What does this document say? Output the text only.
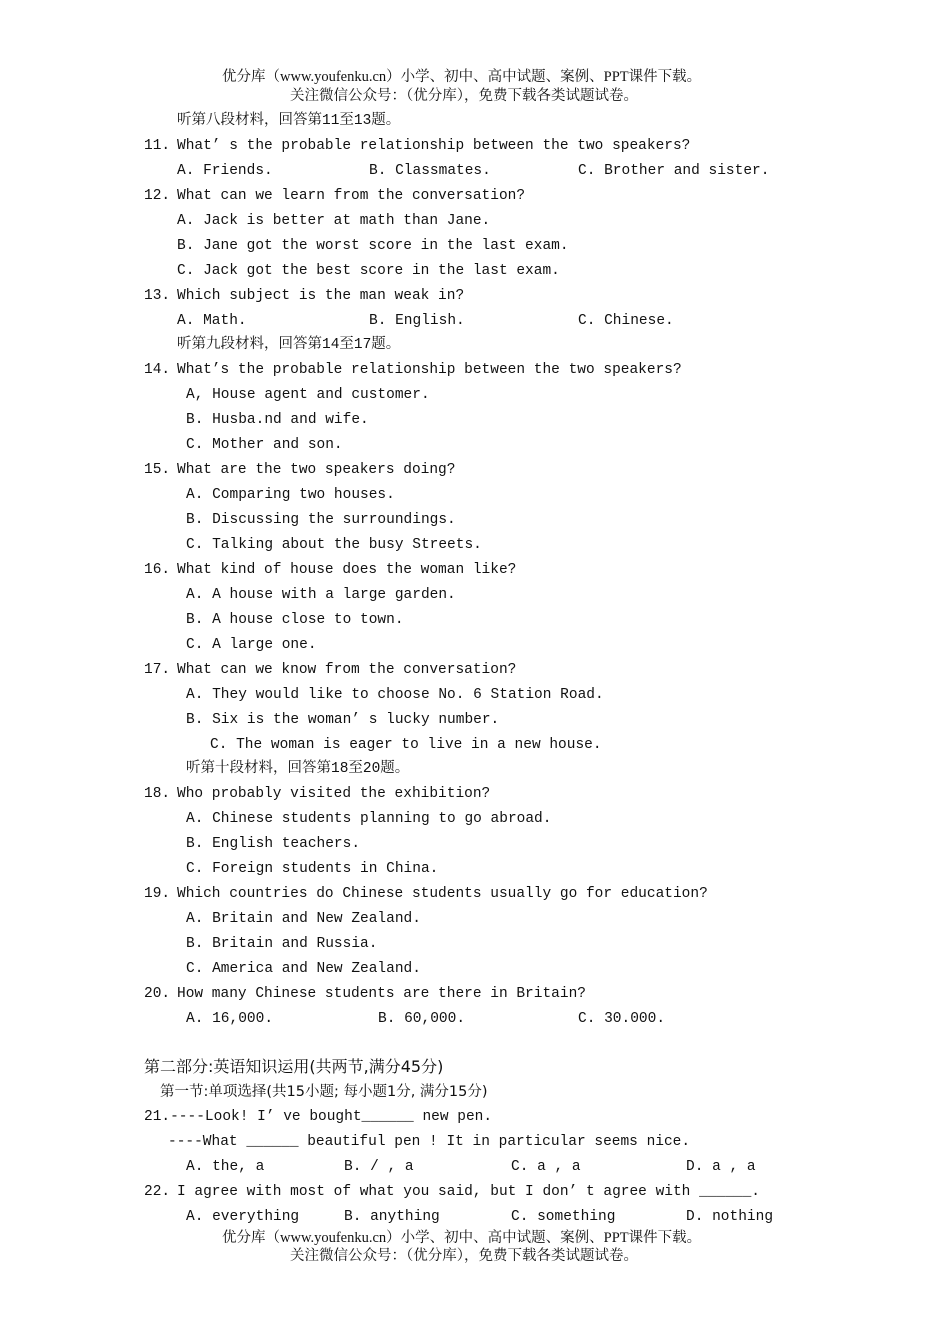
优分库（www.youfenku.cn）小学、初中、高中试题、案例、PPT课件下载。
关注微信公众号：（优分库），免费下载各类试题试卷。
听第八段材料，回答第11至13题。
11. What’ s the probable relationship between the two speakers?
A. Friends.	B. Classmates.	C. Brother and sister.
12. What can we learn from the conversation?
A. Jack is better at math than Jane.
B. Jane got the worst score in the last exam.
C. Jack got the best score in the last exam.
13. Which subject is the man weak in?
A. Math.	B. English.	C. Chinese.
听第九段材料，回答第14至17题。
14. What’s the probable relationship between the two speakers?
A, House agent and customer.
B. Husba.nd and wife.
C. Mother and son.
15. What are the two speakers doing?
A. Comparing two houses.
B. Discussing the surroundings.
C. Talking about the busy Streets.
16. What kind of house does the woman like?
A. A house with a large garden.
B. A house close to town.
C. A large one.
17. What can we know from the conversation?
A. They would like to choose No. 6 Station Road.
B. Six is the woman’ s lucky number.
C. The woman is eager to live in a new house.
听第十段材料，回答第18至20题。
18. Who probably visited the exhibition?
A. Chinese students planning to go abroad.
B. English teachers.
C. Foreign students in China.
19. Which countries do Chinese students usually go for education?
A. Britain and New Zealand.
B. Britain and Russia.
C. America and New Zealand.
20. How many Chinese students are there in Britain?
A. 16,000.	B. 60,000.	C. 30.000.
第二部分:英语知识运用(共两节,满分45分)
第一节:单项选择(共15小题; 每小题1分, 满分15分)
21.----Look! I’ ve bought______ new pen.
----What ______ beautiful pen ! It in particular seems nice.
A. the, a	B. / , a	C. a , a	D. a , a
22. I agree with most of what you said, but I don’ t agree with ______.
A. everything	B. anything	C. something	D. nothing
优分库（www.youfenku.cn）小学、初中、高中试题、案例、PPT课件下载。
关注微信公众号：（优分库），免费下载各类试题试卷。
